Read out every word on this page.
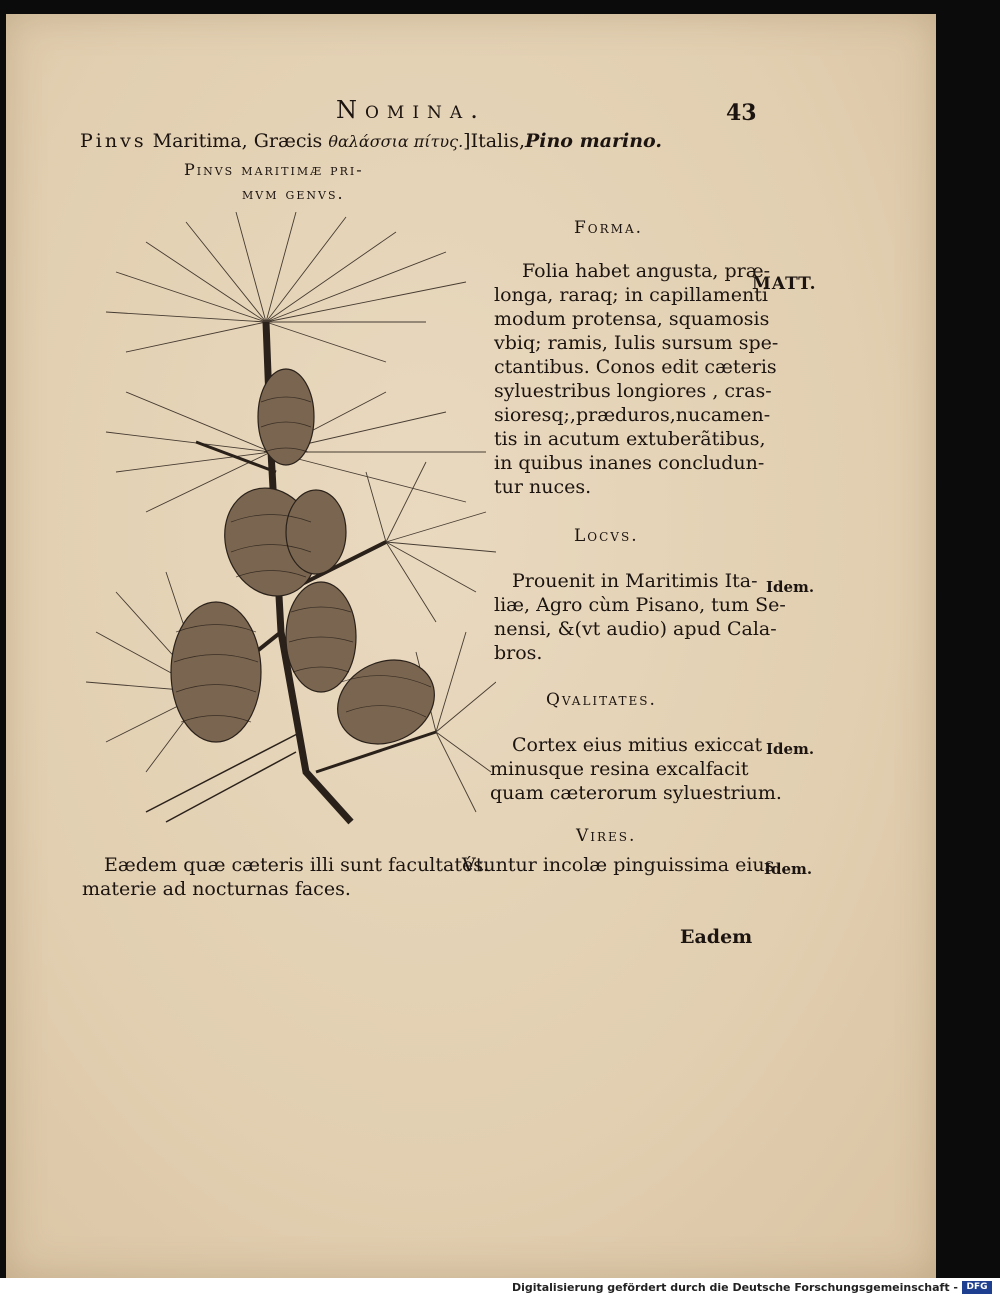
Nomina.	43
Pinvs Maritima, Græcis θαλάσσια πίτυς.]Italis,Pino marino.
Pinvs maritimæ pri-
mvm genvs.
Forma.
Folia habet angusta, præ-
longa, raraq; in capillamenti
modum protensa, squamosis
vbiq; ramis, Iulis sursum spe-
ctantibus. Conos edit cæteris
syluestribus longiores , cras-
sioresq;,præduros,nucamen-
tis in acutum extuberãtibus,
in quibus inanes concludun-
tur nuces.
MATT.
Locvs.
Prouenit in Maritimis Ita-
liæ, Agro cùm Pisano, tum Se-
nensi, &(vt audio) apud Cala-
bros.
Idem.
Qvalitates.
Cortex eius mitius exiccat
minusque resina excalfacit
quam cæterorum syluestrium.
Idem.
Vires.
Vtuntur incolæ pinguissima eius
Eædem quæ cæteris illi sunt facultatés.
materie ad nocturnas faces.
Idem.
Eadem
Digitalisierung gefördert durch die Deutsche Forschungsgemeinschaft - DFG
